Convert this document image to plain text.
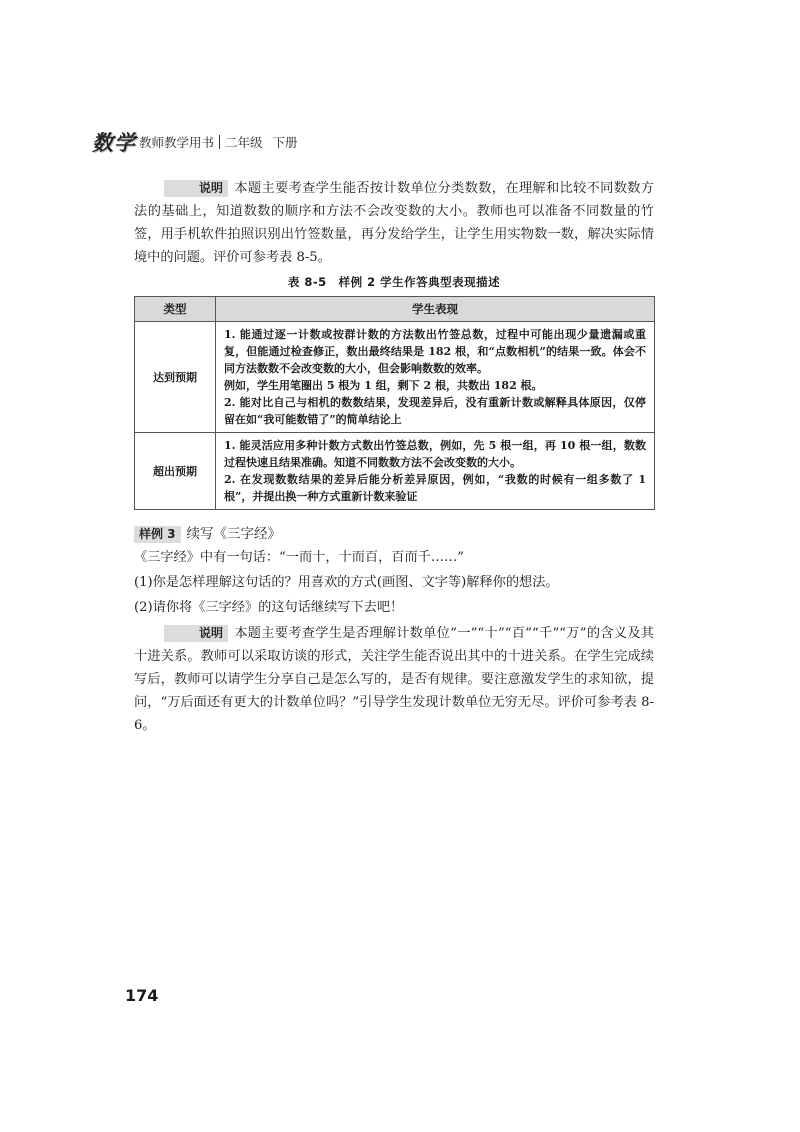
数学 教师教学用书 二年级 下册

说明 本题主要考查学生能否按计数单位分类数数，在理解和比较不同数数方法的基础上，知道数数的顺序和方法不会改变数的大小。教师也可以准备不同数量的竹签，用手机软件拍照识别出竹签数量，再分发给学生，让学生用实物数一数，解决实际情境中的问题。评价可参考表 8-5。

表 8-5　样例 2 学生作答典型表现描述
类型	学生表现
达到预期	1. 能通过逐一计数或按群计数的方法数出竹签总数，过程中可能出现少量遗漏或重复，但能通过检查修正，数出最终结果是 182 根，和“点数相机”的结果一致。体会不同方法数数不会改变数的大小，但会影响数数的效率。

例如，学生用笔圈出 5 根为 1 组，剩下 2 根，共数出 182 根。

2. 能对比自己与相机的数数结果，发现差异后，没有重新计数或解释具体原因，仅停留在如“我可能数错了”的简单结论上

超出预期	1. 能灵活应用多种计数方式数出竹签总数，例如，先 5 根一组，再 10 根一组，数数过程快速且结果准确。知道不同数数方法不会改变数的大小。

2. 在发现数数结果的差异后能分析差异原因，例如，“我数的时候有一组多数了 1 根”，并提出换一种方式重新计数来验证

样例 3 续写《三字经》

《三字经》中有一句话：“一而十，十而百，百而千……”

(1)你是怎样理解这句话的？用喜欢的方式(画图、文字等)解释你的想法。

(2)请你将《三字经》的这句话继续写下去吧！

说明 本题主要考查学生是否理解计数单位“一”“十”“百”“千”“万”的含义及其十进关系。教师可以采取访谈的形式，关注学生能否说出其中的十进关系。在学生完成续写后，教师可以请学生分享自己是怎么写的，是否有规律。要注意激发学生的求知欲，提问，“万后面还有更大的计数单位吗？”引导学生发现计数单位无穷无尽。评价可参考表 8-6。

174
